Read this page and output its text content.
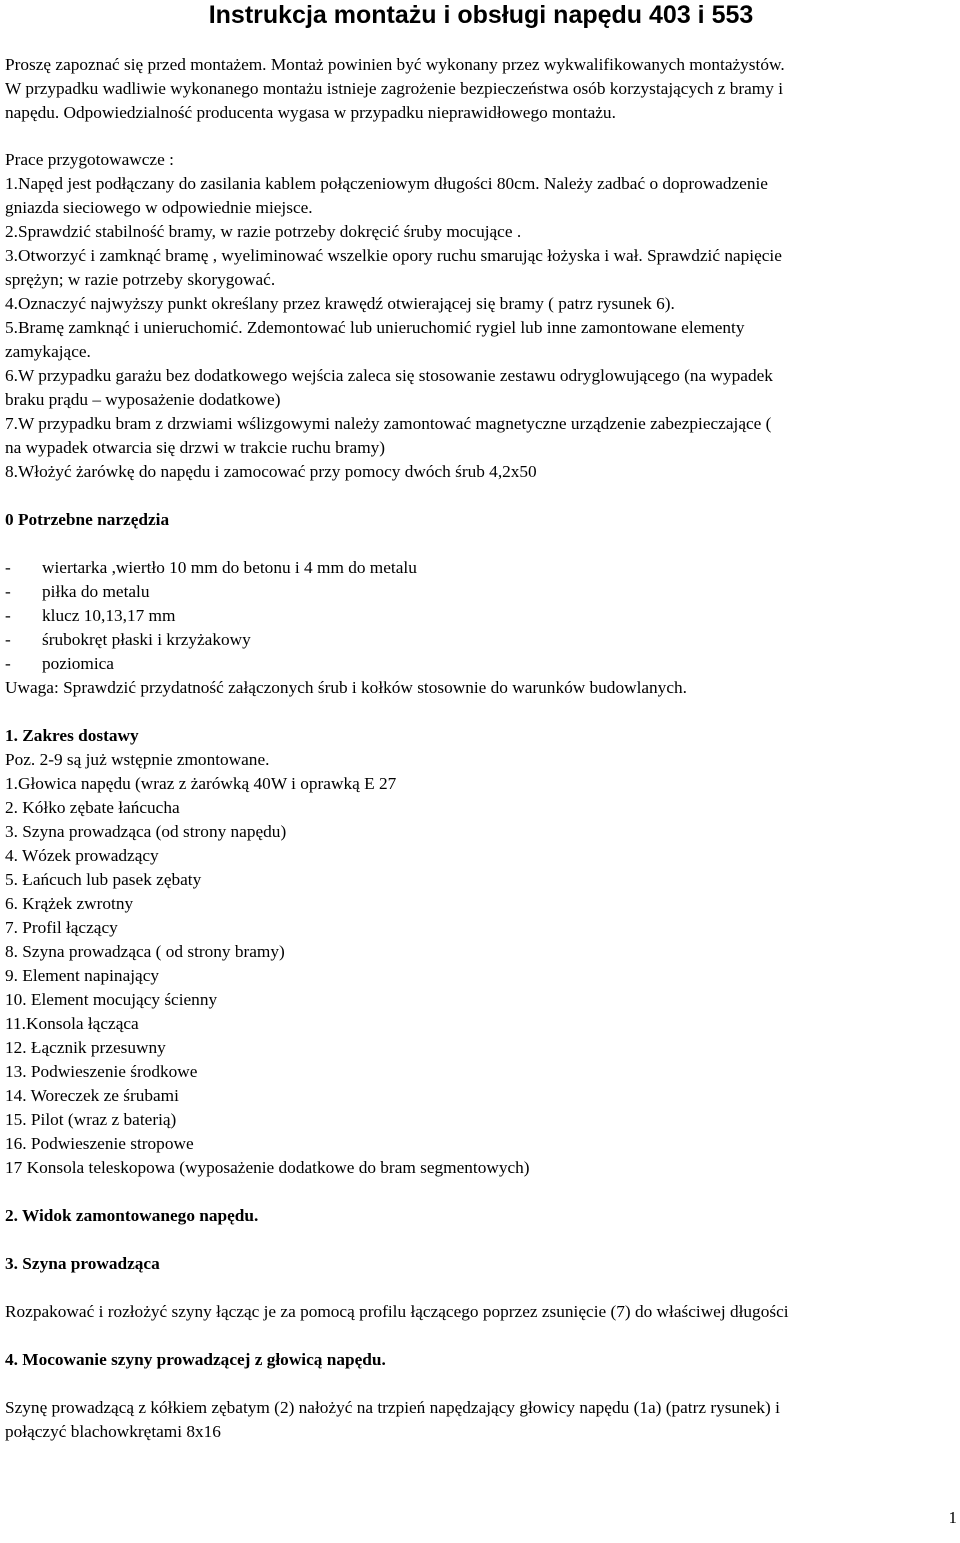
Instrukcja montażu i obsługi napędu 403 i 553

Proszę zapoznać się przed montażem. Montaż powinien być wykonany przez wykwalifikowanych montażystów.

W przypadku wadliwie wykonanego montażu istnieje zagrożenie bezpieczeństwa osób korzystających z bramy i

napędu. Odpowiedzialność producenta wygasa w przypadku nieprawidłowego montażu.

Prace przygotowawcze :

1.Napęd jest podłączany do zasilania kablem połączeniowym długości 80cm. Należy zadbać o doprowadzenie

gniazda sieciowego w odpowiednie miejsce.

2.Sprawdzić stabilność bramy, w razie potrzeby dokręcić śruby mocujące .

3.Otworzyć i zamknąć bramę , wyeliminować wszelkie opory ruchu smarując łożyska i wał. Sprawdzić napięcie

sprężyn; w razie potrzeby skorygować.

4.Oznaczyć najwyższy punkt określany przez krawędź otwierającej się bramy ( patrz rysunek 6).

5.Bramę zamknąć i unieruchomić. Zdemontować lub unieruchomić rygiel lub inne zamontowane elementy

zamykające.

6.W przypadku garażu bez dodatkowego wejścia zaleca się stosowanie zestawu odryglowującego (na wypadek

braku prądu – wyposażenie dodatkowe)

7.W przypadku bram z drzwiami wślizgowymi należy zamontować magnetyczne urządzenie zabezpieczające (

na wypadek otwarcia się drzwi w trakcie ruchu bramy)

8.Włożyć żarówkę do napędu i zamocować przy pomocy dwóch śrub 4,2x50

0 Potrzebne narzędzia

-	wiertarka ,wiertło 10 mm do betonu i 4 mm do metalu
-	piłka do metalu
-	klucz 10,13,17 mm
-	śrubokręt płaski i krzyżakowy
-	poziomica

Uwaga: Sprawdzić przydatność załączonych śrub i kołków stosownie do warunków budowlanych.

1. Zakres dostawy

Poz. 2-9 są już wstępnie zmontowane.

1.Głowica napędu (wraz z żarówką 40W i oprawką E 27

2. Kółko zębate łańcucha

3. Szyna prowadząca (od strony napędu)

4. Wózek prowadzący

5. Łańcuch lub pasek zębaty

6. Krążek zwrotny

7. Profil łączący

8. Szyna prowadząca ( od strony bramy)

9. Element napinający

10. Element mocujący ścienny

11.Konsola łącząca

12. Łącznik przesuwny

13. Podwieszenie środkowe

14. Woreczek ze śrubami

15. Pilot (wraz z baterią)

16. Podwieszenie stropowe

17 Konsola teleskopowa (wyposażenie dodatkowe do bram segmentowych)

2. Widok zamontowanego napędu.

3. Szyna prowadząca

Rozpakować i rozłożyć szyny łącząc je za pomocą profilu łączącego poprzez zsunięcie (7) do właściwej długości

4. Mocowanie szyny prowadzącej z głowicą napędu.

Szynę prowadzącą z kółkiem zębatym (2) nałożyć na trzpień napędzający głowicy napędu (1a) (patrz rysunek) i

połączyć blachowkrętami 8x16

1
